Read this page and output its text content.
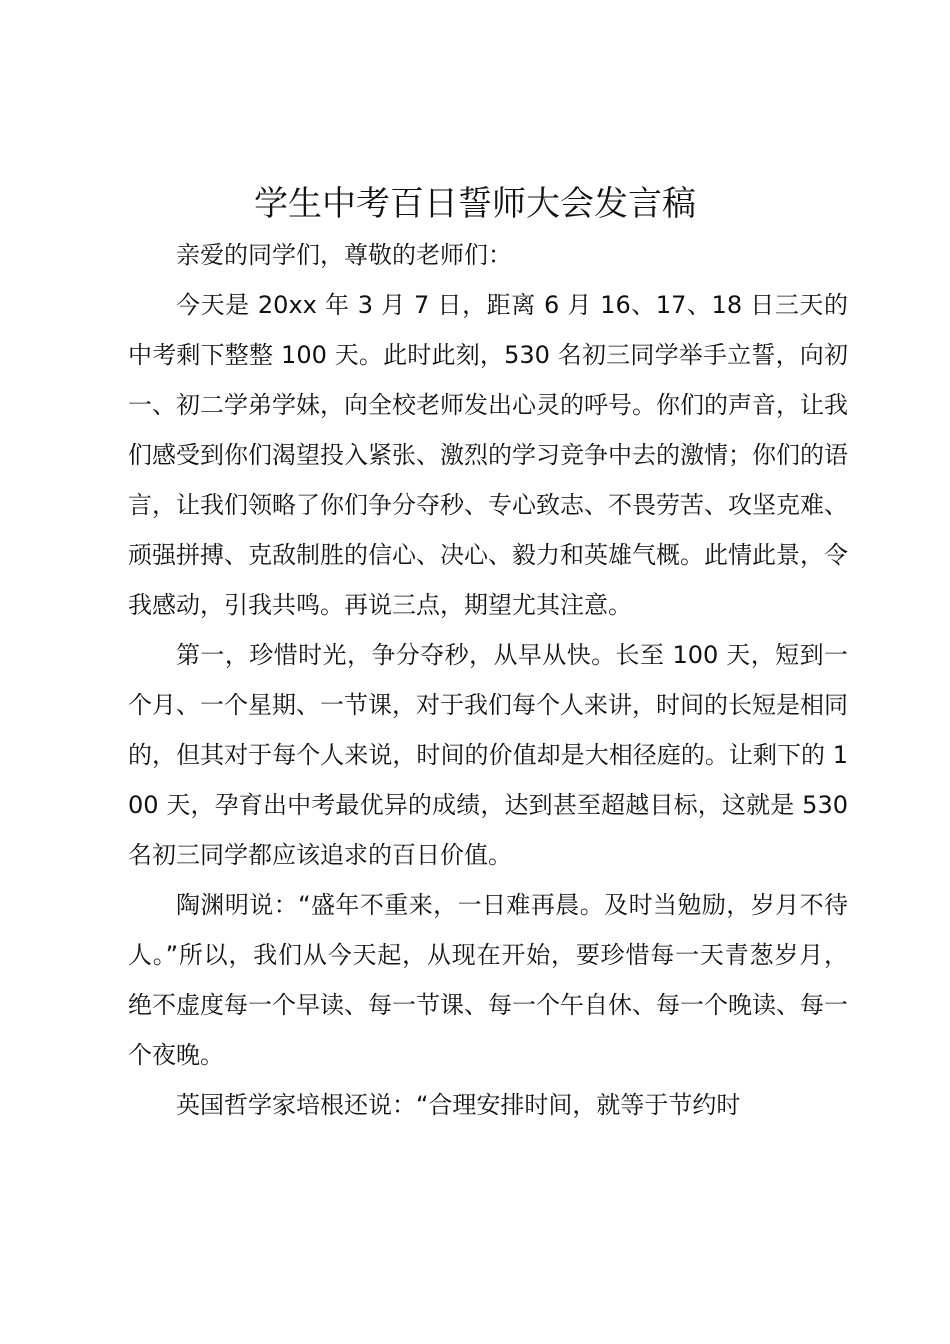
学生中考百日誓师大会发言稿

亲爱的同学们，尊敬的老师们：

今天是 20xx 年 3 月 7 日，距离 6 月 16、17、18 日三天的中考剩下整整 100 天。此时此刻，530 名初三同学举手立誓，向初一、初二学弟学妹，向全校老师发出心灵的呼号。你们的声音，让我们感受到你们渴望投入紧张、激烈的学习竞争中去的激情；你们的语言，让我们领略了你们争分夺秒、专心致志、不畏劳苦、攻坚克难、顽强拼搏、克敌制胜的信心、决心、毅力和英雄气概。此情此景，令我感动，引我共鸣。再说三点，期望尤其注意。

第一，珍惜时光，争分夺秒，从早从快。长至 100 天，短到一个月、一个星期、一节课，对于我们每个人来讲，时间的长短是相同的，但其对于每个人来说，时间的价值却是大相径庭的。让剩下的 100 天，孕育出中考最优异的成绩，达到甚至超越目标，这就是 530 名初三同学都应该追求的百日价值。

陶渊明说：“盛年不重来，一日难再晨。及时当勉励，岁月不待人。”所以，我们从今天起，从现在开始，要珍惜每一天青葱岁月，绝不虚度每一个早读、每一节课、每一个午自休、每一个晚读、每一个夜晚。

英国哲学家培根还说：“合理安排时间，就等于节约时
